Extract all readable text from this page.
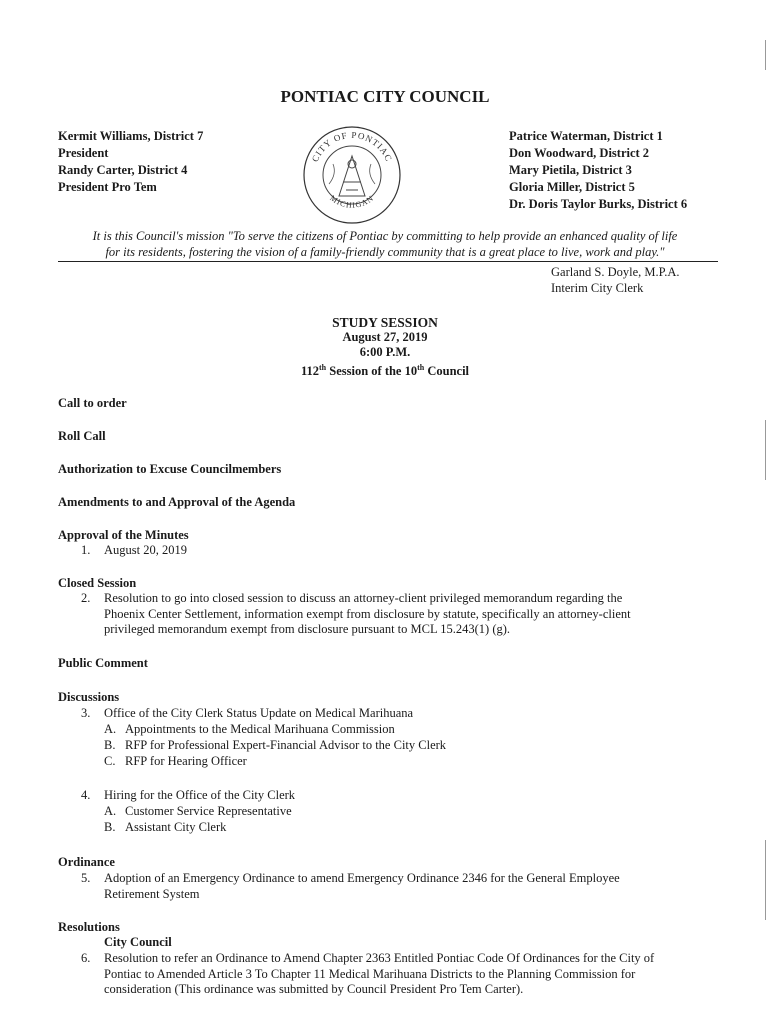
PONTIAC CITY COUNCIL
Kermit Williams, District 7
President
Randy Carter, District 4
President Pro Tem
CITY OF PONTIAC
MICHIGAN
Patrice Waterman, District 1
Don Woodward, District 2
Mary Pietila, District 3
Gloria Miller, District 5
Dr. Doris Taylor Burks, District 6
It is this Council's mission "To serve the citizens of Pontiac by committing to help provide an enhanced quality of life
for its residents, fostering the vision of a family-friendly community that is a great place to live, work and play."
Garland S. Doyle, M.P.A.
Interim City Clerk
STUDY SESSION
August 27, 2019
6:00 P.M.
112th Session of the 10th Council
Call to order
Roll Call
Authorization to Excuse Councilmembers
Amendments to and Approval of the Agenda
Approval of the Minutes
1. August 20, 2019
Closed Session
2. Resolution to go into closed session to discuss an attorney-client privileged memorandum regarding the
Phoenix Center Settlement, information exempt from disclosure by statute, specifically an attorney-client
privileged memorandum exempt from disclosure pursuant to MCL 15.243(1) (g).
Public Comment
Discussions
3. Office of the City Clerk Status Update on Medical Marihuana
A. Appointments to the Medical Marihuana Commission
B. RFP for Professional Expert-Financial Advisor to the City Clerk
C. RFP for Hearing Officer
4. Hiring for the Office of the City Clerk
A. Customer Service Representative
B. Assistant City Clerk
Ordinance
5. Adoption of an Emergency Ordinance to amend Emergency Ordinance 2346 for the General Employee
Retirement System
Resolutions
City Council
6. Resolution to refer an Ordinance to Amend Chapter 2363 Entitled Pontiac Code Of Ordinances for the City of
Pontiac to Amended Article 3 To Chapter 11 Medical Marihuana Districts to the Planning Commission for
consideration (This ordinance was submitted by Council President Pro Tem Carter).
